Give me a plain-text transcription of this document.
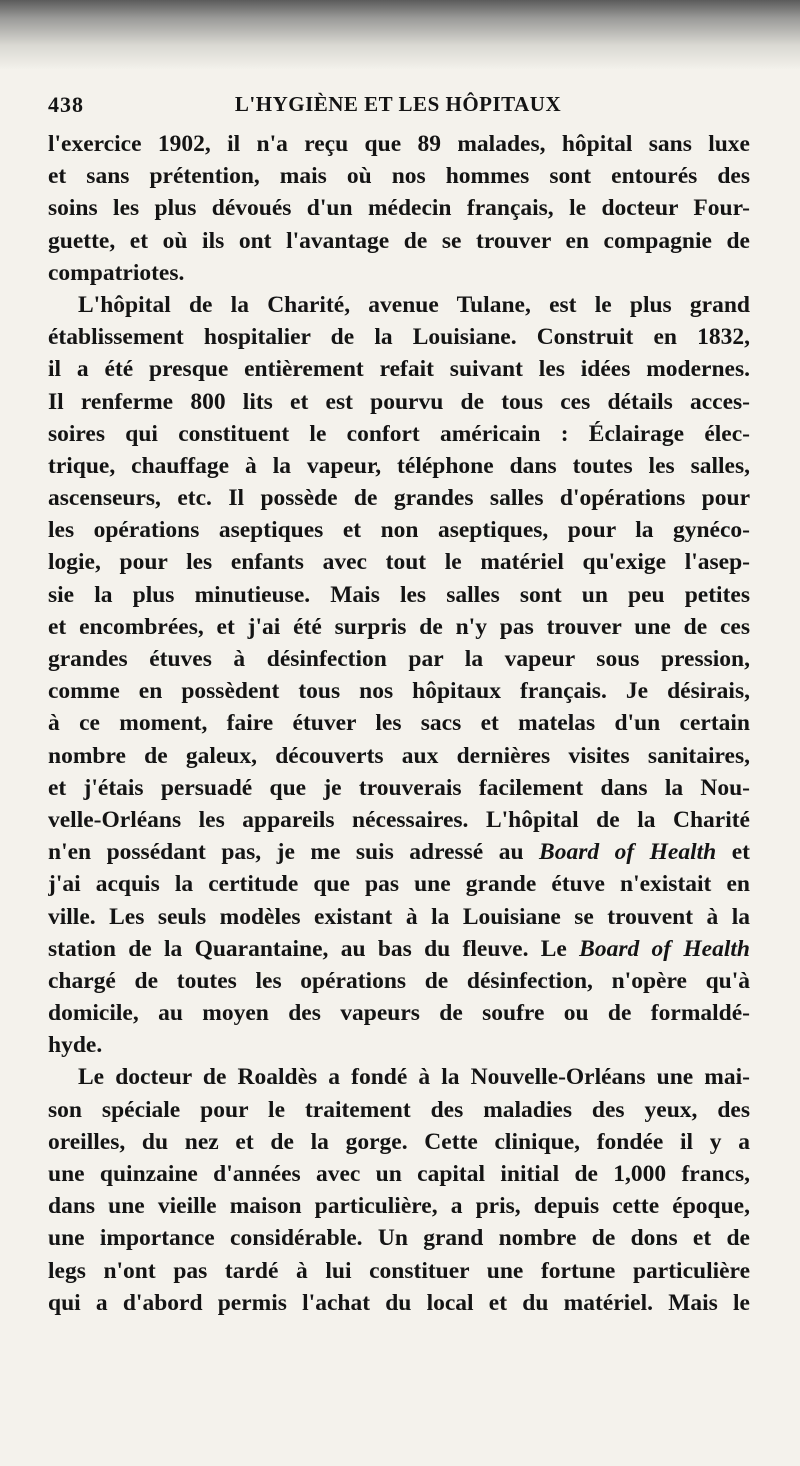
438	L'HYGIÈNE ET LES HÔPITAUX
l'exercice 1902, il n'a reçu que 89 malades, hôpital sans luxe
et sans prétention, mais où nos hommes sont entourés des
soins les plus dévoués d'un médecin français, le docteur Four-
guette, et où ils ont l'avantage de se trouver en compagnie de
compatriotes.
L'hôpital de la Charité, avenue Tulane, est le plus grand
établissement hospitalier de la Louisiane. Construit en 1832,
il a été presque entièrement refait suivant les idées modernes.
Il renferme 800 lits et est pourvu de tous ces détails acces-
soires qui constituent le confort américain : Éclairage élec-
trique, chauffage à la vapeur, téléphone dans toutes les salles,
ascenseurs, etc. Il possède de grandes salles d'opérations pour
les opérations aseptiques et non aseptiques, pour la gynéco-
logie, pour les enfants avec tout le matériel qu'exige l'asep-
sie la plus minutieuse. Mais les salles sont un peu petites
et encombrées, et j'ai été surpris de n'y pas trouver une de ces
grandes étuves à désinfection par la vapeur sous pression,
comme en possèdent tous nos hôpitaux français. Je désirais,
à ce moment, faire étuver les sacs et matelas d'un certain
nombre de galeux, découverts aux dernières visites sanitaires,
et j'étais persuadé que je trouverais facilement dans la Nou-
velle-Orléans les appareils nécessaires. L'hôpital de la Charité
n'en possédant pas, je me suis adressé au Board of Health et
j'ai acquis la certitude que pas une grande étuve n'existait en
ville. Les seuls modèles existant à la Louisiane se trouvent à la
station de la Quarantaine, au bas du fleuve. Le Board of Health
chargé de toutes les opérations de désinfection, n'opère qu'à
domicile, au moyen des vapeurs de soufre ou de formaldé-
hyde.
Le docteur de Roaldès a fondé à la Nouvelle-Orléans une mai-
son spéciale pour le traitement des maladies des yeux, des
oreilles, du nez et de la gorge. Cette clinique, fondée il y a
une quinzaine d'années avec un capital initial de 1,000 francs,
dans une vieille maison particulière, a pris, depuis cette époque,
une importance considérable. Un grand nombre de dons et de
legs n'ont pas tardé à lui constituer une fortune particulière
qui a d'abord permis l'achat du local et du matériel. Mais le
